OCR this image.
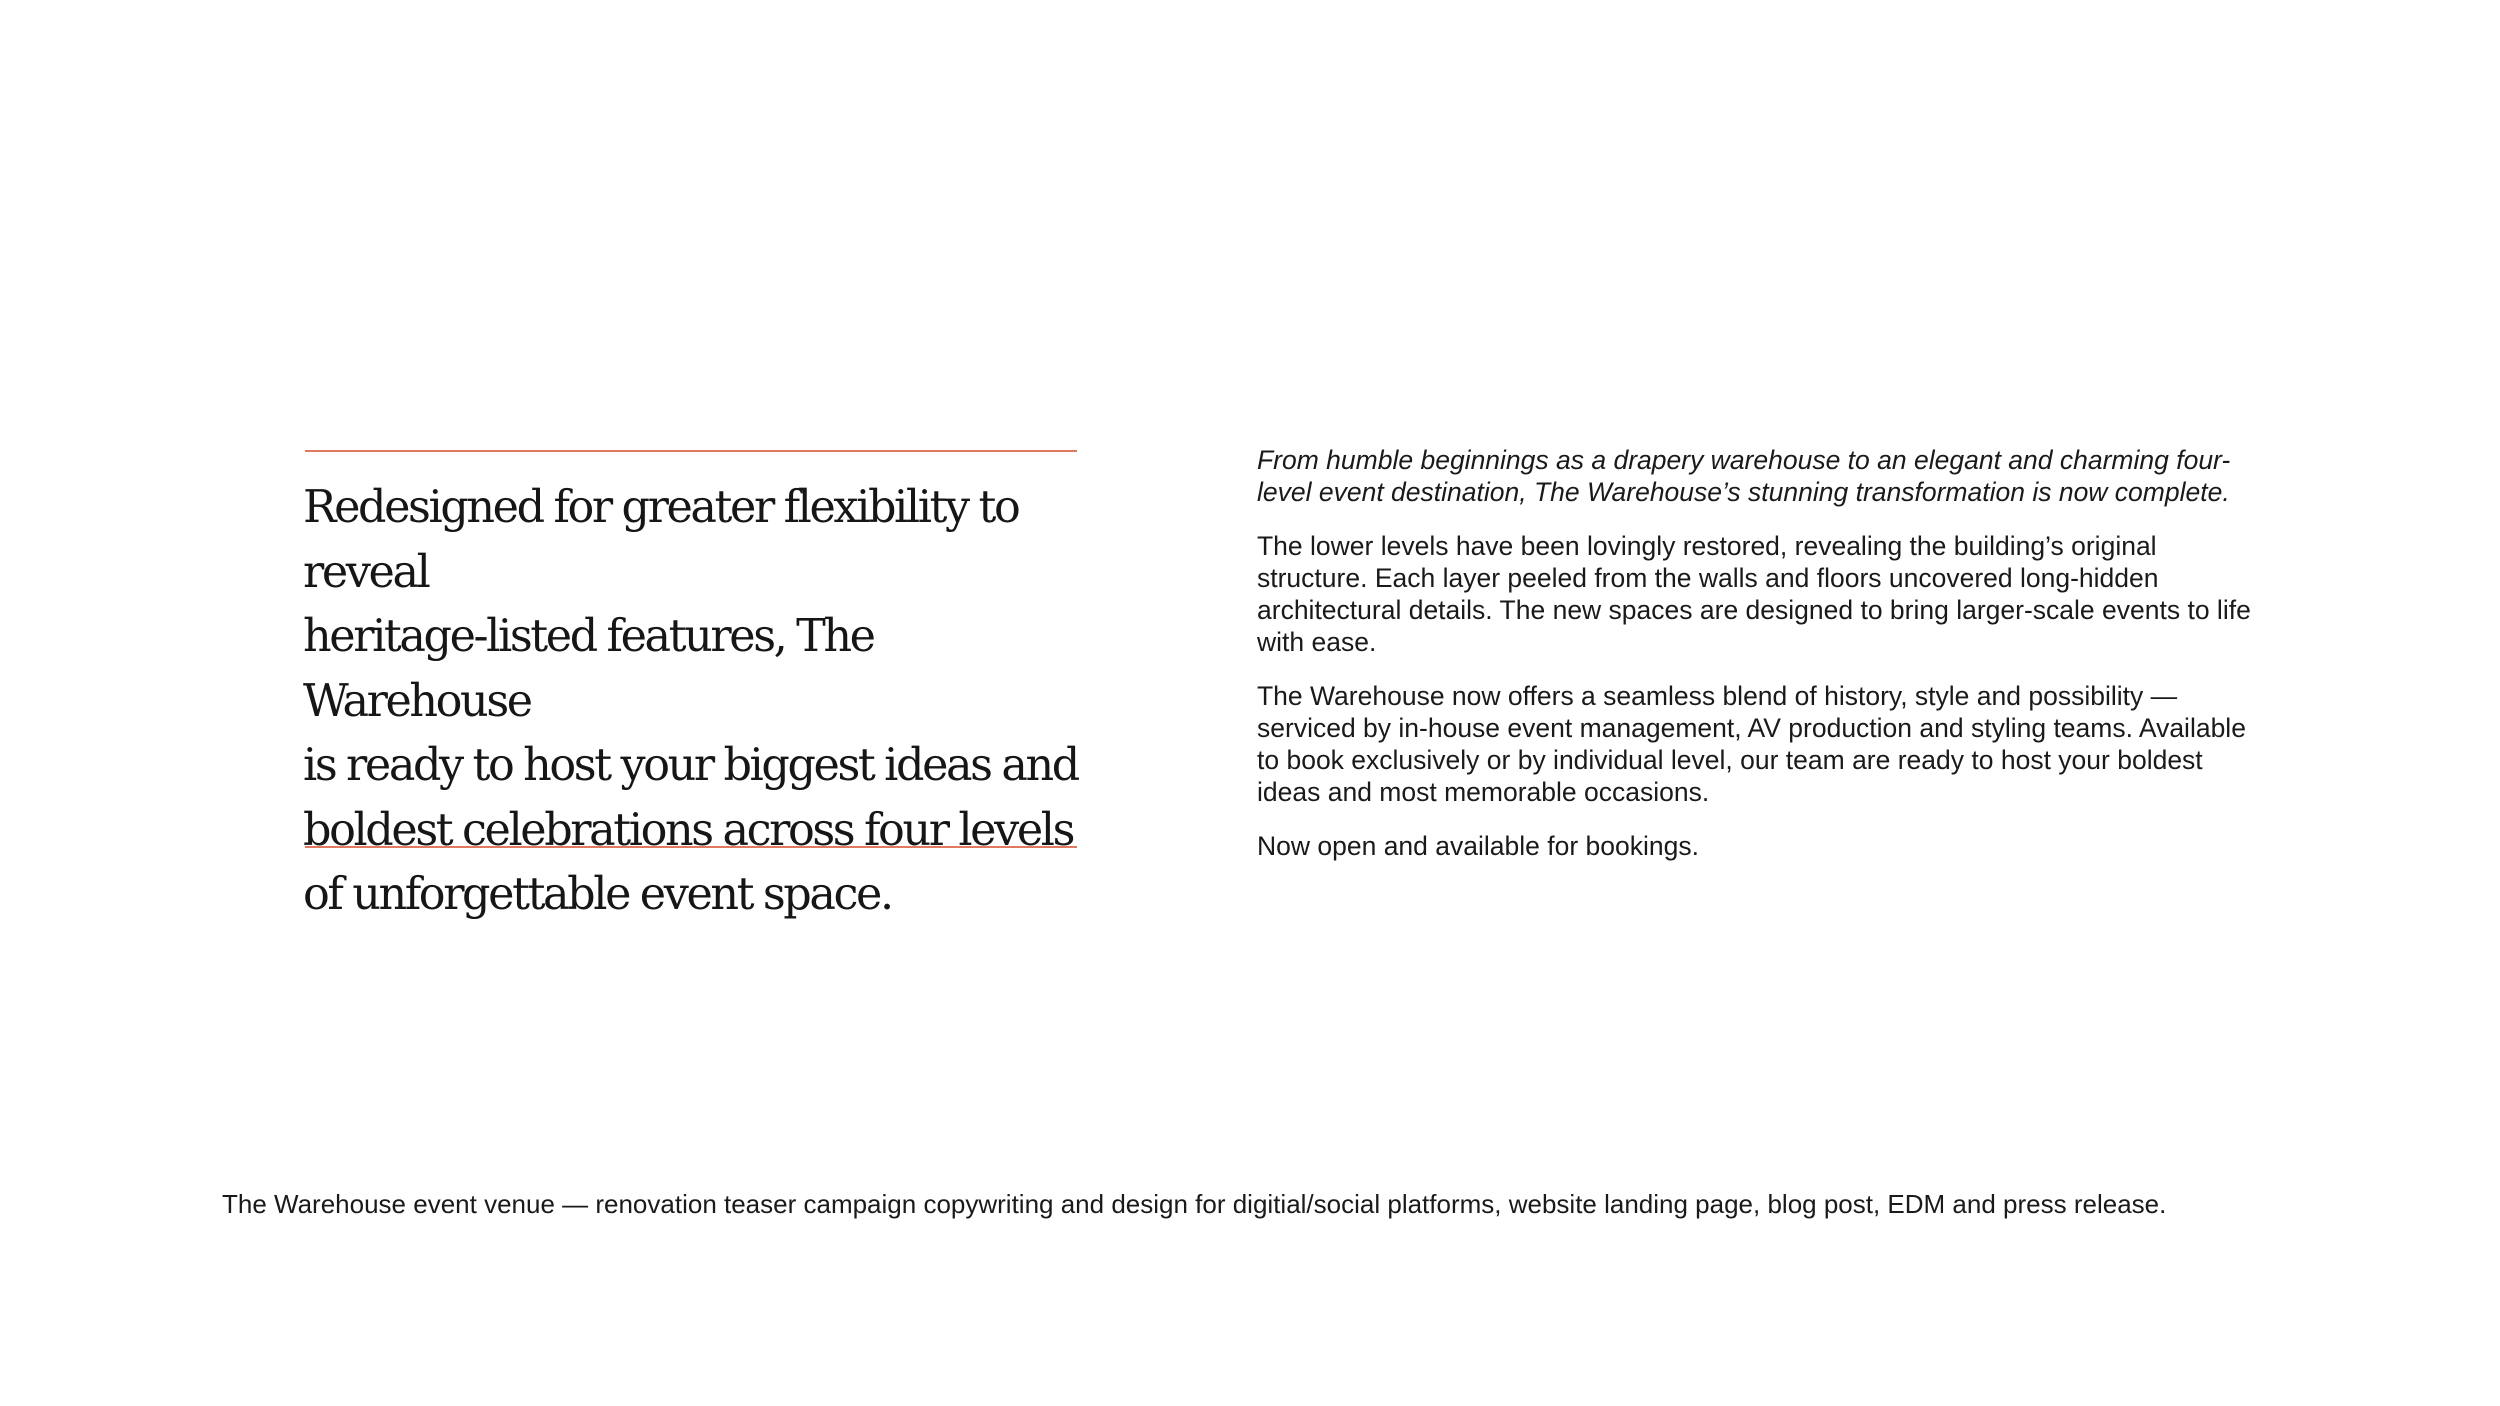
Redesigned for greater flexibility to reveal
heritage-listed features, The Warehouse
is ready to host your biggest ideas and
boldest celebrations across four levels
of unforgettable event space.

From humble beginnings as a drapery warehouse to an elegant and charming four-level event destination, The Warehouse’s stunning transformation is now complete.

The lower levels have been lovingly restored, revealing the building’s original structure. Each layer peeled from the walls and floors uncovered long-hidden architectural details. The new spaces are designed to bring larger-scale events to life with ease.

The Warehouse now offers a seamless blend of history, style and possibility — serviced by in-house event management, AV production and styling teams. Available to book exclusively or by individual level, our team are ready to host your boldest ideas and most memorable occasions.

Now open and available for bookings.

The Warehouse event venue — renovation teaser campaign copywriting and design for digitial/social platforms, website landing page, blog post, EDM and press release.
